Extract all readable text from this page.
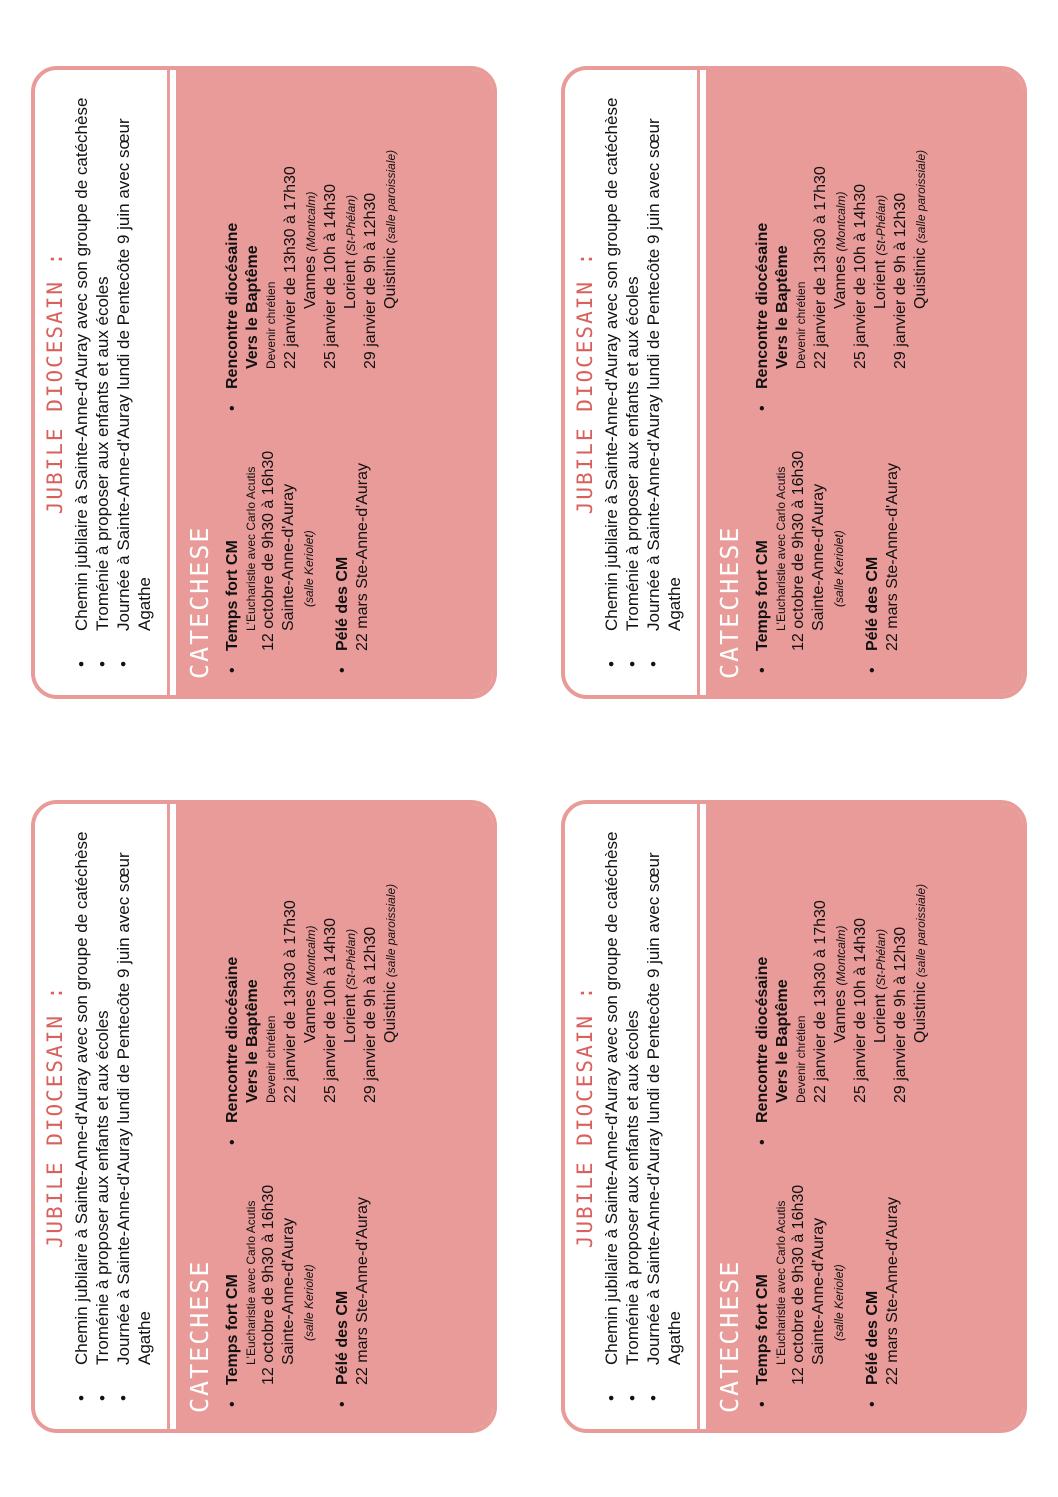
JUBILE DIOCESAIN : • Chemin jubilaire à Sainte-Anne-d'Auray avec son groupe de catéchèse • Troménie à proposer aux enfants et aux écoles • Journée à Sainte-Anne-d'Auray lundi de Pentecôte 9 juin avec sœur Agathe CATECHESE • Temps fort CM L'Eucharistie avec Carlo Acutis 12 octobre de 9h30 à 16h30 Sainte-Anne-d'Auray (salle Keriolet) • Pélé des CM 22 mars Ste-Anne-d'Auray
• Rencontre diocésaine Vers le Baptême Devenir chrétien 22 janvier de 13h30 à 17h30 Vannes (Montcalm) 25 janvier de 10h à 14h30 Lorient (St-Phélan) 29 janvier de 9h à 12h30 Quistinic (salle paroissiale)
JUBILE DIOCESAIN : • Chemin jubilaire à Sainte-Anne-d'Auray avec son groupe de catéchèse • Troménie à proposer aux enfants et aux écoles • Journée à Sainte-Anne-d'Auray lundi de Pentecôte 9 juin avec sœur Agathe CATECHESE • Temps fort CM L'Eucharistie avec Carlo Acutis 12 octobre de 9h30 à 16h30 Sainte-Anne-d'Auray (salle Keriolet) • Pélé des CM 22 mars Ste-Anne-d'Auray
• Rencontre diocésaine Vers le Baptême Devenir chrétien 22 janvier de 13h30 à 17h30 Vannes (Montcalm) 25 janvier de 10h à 14h30 Lorient (St-Phélan) 29 janvier de 9h à 12h30 Quistinic (salle paroissiale)
JUBILE DIOCESAIN : • Chemin jubilaire à Sainte-Anne-d'Auray avec son groupe de catéchèse • Troménie à proposer aux enfants et aux écoles • Journée à Sainte-Anne-d'Auray lundi de Pentecôte 9 juin avec sœur Agathe CATECHESE • Temps fort CM L'Eucharistie avec Carlo Acutis 12 octobre de 9h30 à 16h30 Sainte-Anne-d'Auray (salle Keriolet) • Pélé des CM 22 mars Ste-Anne-d'Auray
• Rencontre diocésaine Vers le Baptême Devenir chrétien 22 janvier de 13h30 à 17h30 Vannes (Montcalm) 25 janvier de 10h à 14h30 Lorient (St-Phélan) 29 janvier de 9h à 12h30 Quistinic (salle paroissiale)
JUBILE DIOCESAIN : • Chemin jubilaire à Sainte-Anne-d'Auray avec son groupe de catéchèse • Troménie à proposer aux enfants et aux écoles • Journée à Sainte-Anne-d'Auray lundi de Pentecôte 9 juin avec sœur Agathe CATECHESE • Temps fort CM L'Eucharistie avec Carlo Acutis 12 octobre de 9h30 à 16h30 Sainte-Anne-d'Auray (salle Keriolet) • Pélé des CM 22 mars Ste-Anne-d'Auray
• Rencontre diocésaine Vers le Baptême Devenir chrétien 22 janvier de 13h30 à 17h30 Vannes (Montcalm) 25 janvier de 10h à 14h30 Lorient (St-Phélan) 29 janvier de 9h à 12h30 Quistinic (salle paroissiale)
